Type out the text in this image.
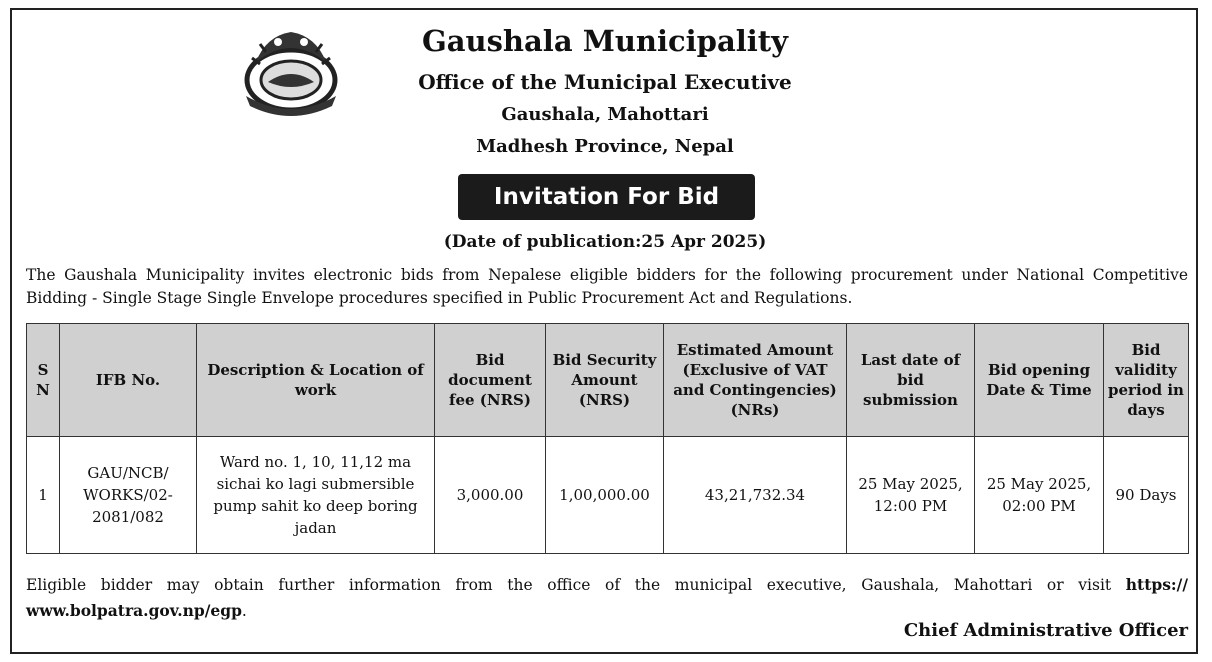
Gaushala Municipality
Office of the Municipal Executive
Gaushala, Mahottari
Madhesh Province, Nepal
Invitation For Bid
(Date of publication:25 Apr 2025)
The Gaushala Municipality invites electronic bids from Nepalese eligible bidders for the following procurement under National Competitive Bidding - Single Stage Single Envelope procedures specified in Public Procurement Act and Regulations.
S N	IFB No.	Description & Location of work	Bid document fee (NRS)	Bid Security Amount (NRS)	Estimated Amount (Exclusive of VAT and Contingencies) (NRs)	Last date of bid submission	Bid opening Date & Time	Bid validity period in days
1	GAU/NCB/ WORKS/02- 2081/082	Ward no. 1, 10, 11,12 ma sichai ko lagi submersible pump sahit ko deep boring jadan	3,000.00	1,00,000.00	43,21,732.34	25 May 2025, 12:00 PM	25 May 2025, 02:00 PM	90 Days
Eligible bidder may obtain further information from the office of the municipal executive, Gaushala, Mahottari or visit https:// www.bolpatra.gov.np/egp.
Chief Administrative Officer
